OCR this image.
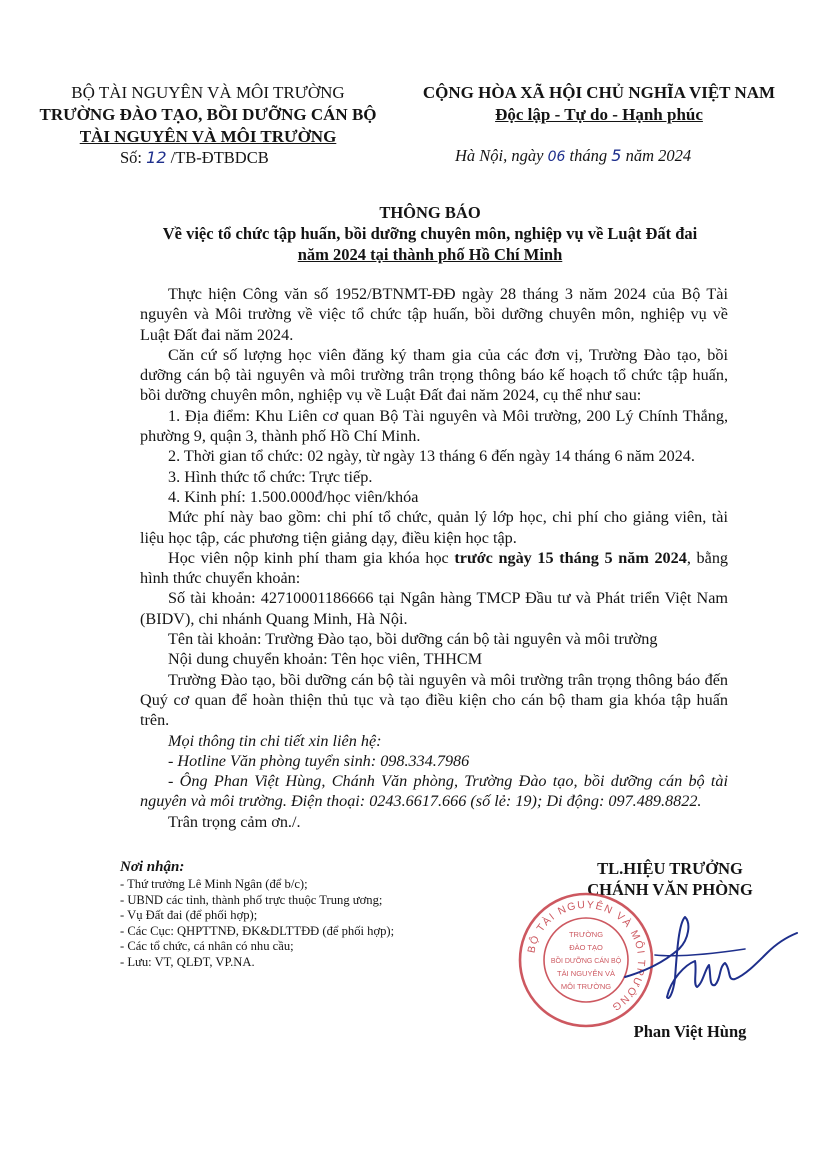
BỘ TÀI NGUYÊN VÀ MÔI TRƯỜNG
TRƯỜNG ĐÀO TẠO, BỒI DƯỠNG CÁN BỘ
TÀI NGUYÊN VÀ MÔI TRƯỜNG
Số: 12 /TB-ĐTBDCB
CỘNG HÒA XÃ HỘI CHỦ NGHĨA VIỆT NAM
Độc lập - Tự do - Hạnh phúc
Hà Nội, ngày 06 tháng 5 năm 2024
THÔNG BÁO
Về việc tổ chức tập huấn, bồi dưỡng chuyên môn, nghiệp vụ về Luật Đất đai
năm 2024 tại thành phố Hồ Chí Minh

Thực hiện Công văn số 1952/BTNMT-ĐĐ ngày 28 tháng 3 năm 2024 của Bộ Tài nguyên và Môi trường về việc tổ chức tập huấn, bồi dưỡng chuyên môn, nghiệp vụ về Luật Đất đai năm 2024.

Căn cứ số lượng học viên đăng ký tham gia của các đơn vị, Trường Đào tạo, bồi dưỡng cán bộ tài nguyên và môi trường trân trọng thông báo kế hoạch tổ chức tập huấn, bồi dưỡng chuyên môn, nghiệp vụ về Luật Đất đai năm 2024, cụ thể như sau:

1. Địa điểm: Khu Liên cơ quan Bộ Tài nguyên và Môi trường, 200 Lý Chính Thắng, phường 9, quận 3, thành phố Hồ Chí Minh.

2. Thời gian tổ chức: 02 ngày, từ ngày 13 tháng 6 đến ngày 14 tháng 6 năm 2024.

3. Hình thức tổ chức: Trực tiếp.

4. Kinh phí: 1.500.000đ/học viên/khóa

Mức phí này bao gồm: chi phí tổ chức, quản lý lớp học, chi phí cho giảng viên, tài liệu học tập, các phương tiện giảng dạy, điều kiện học tập.

Học viên nộp kinh phí tham gia khóa học trước ngày 15 tháng 5 năm 2024, bằng hình thức chuyển khoản:

Số tài khoản: 42710001186666 tại Ngân hàng TMCP Đầu tư và Phát triển Việt Nam (BIDV), chi nhánh Quang Minh, Hà Nội.

Tên tài khoản: Trường Đào tạo, bồi dưỡng cán bộ tài nguyên và môi trường

Nội dung chuyển khoản: Tên học viên, THHCM

Trường Đào tạo, bồi dưỡng cán bộ tài nguyên và môi trường trân trọng thông báo đến Quý cơ quan để hoàn thiện thủ tục và tạo điều kiện cho cán bộ tham gia khóa tập huấn trên.

Mọi thông tin chi tiết xin liên hệ:

- Hotline Văn phòng tuyển sinh: 098.334.7986

- Ông Phan Việt Hùng, Chánh Văn phòng, Trường Đào tạo, bồi dưỡng cán bộ tài nguyên và môi trường. Điện thoại: 0243.6617.666 (số lẻ: 19); Di động: 097.489.8822.

Trân trọng cảm ơn./.

Nơi nhận:
- Thứ trưởng Lê Minh Ngân (để b/c);
- UBND các tỉnh, thành phố trực thuộc Trung ương;
- Vụ Đất đai (để phối hợp);
- Các Cục: QHPTTNĐ, ĐK&DLTTĐĐ (để phối hợp);
- Các tổ chức, cá nhân có nhu cầu;
- Lưu: VT, QLĐT, VP.NA.
TL.HIỆU TRƯỞNG
CHÁNH VĂN PHÒNG
BỘ TÀI NGUYÊN VÀ MÔI TRƯỜNG
TRƯỜNG
ĐÀO TẠO
BỒI DƯỠNG CÁN BỘ
TÀI NGUYÊN VÀ
MÔI TRƯỜNG
Phan Việt Hùng
